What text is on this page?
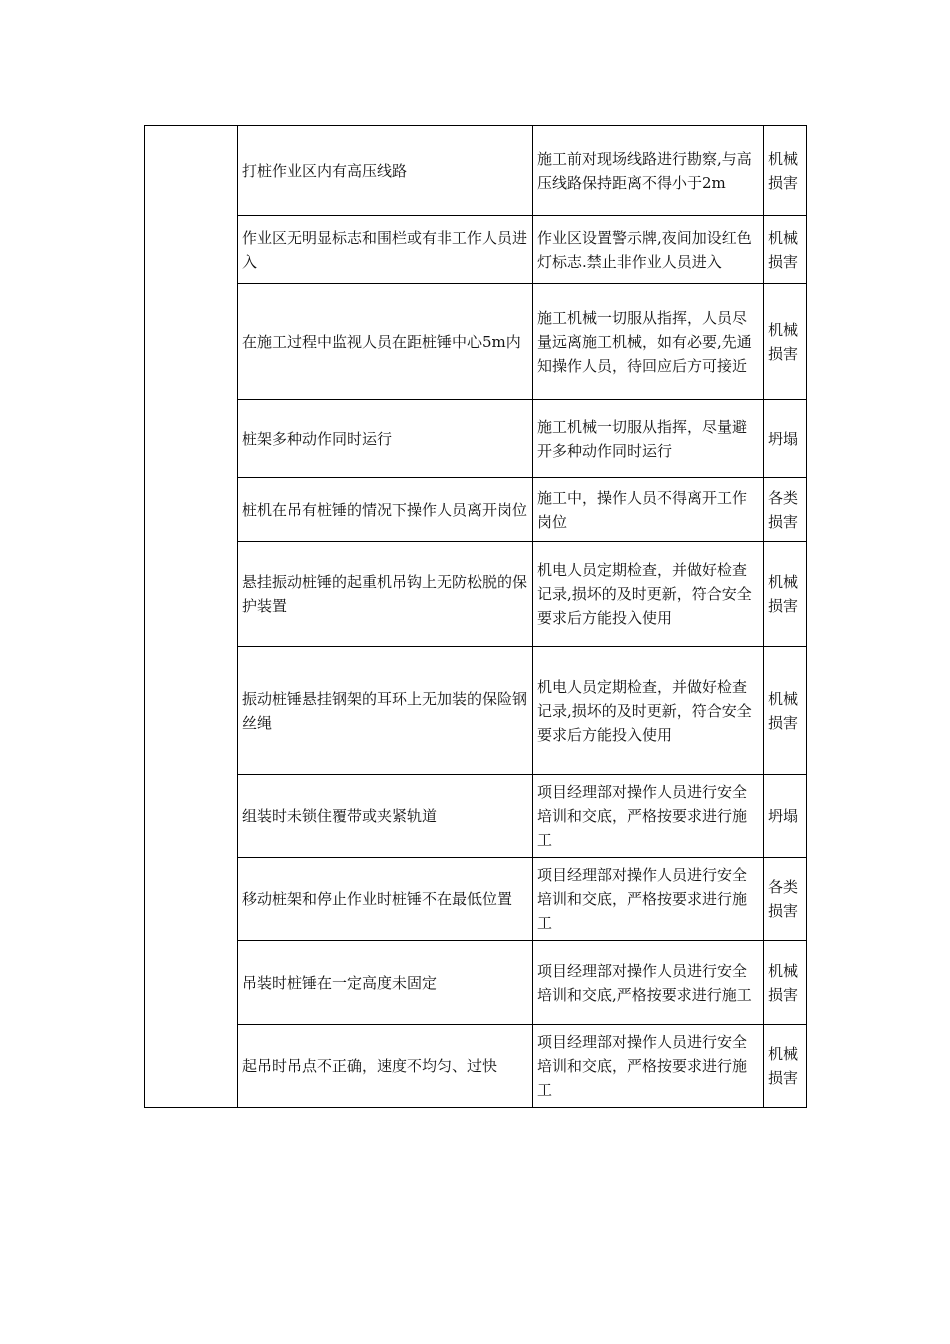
	打桩作业区内有高压线路	施工前对现场线路进行勘察,与高压线路保持距离不得小于2m	机械损害
	作业区无明显标志和围栏或有非工作人员进入	作业区设置警示牌,夜间加设红色灯标志.禁止非作业人员进入	机械损害
	在施工过程中监视人员在距桩锤中心5m内	施工机械一切服从指挥，人员尽量远离施工机械，如有必要,先通知操作人员，待回应后方可接近	机械损害
	桩架多种动作同时运行	施工机械一切服从指挥，尽量避开多种动作同时运行	坍塌
	桩机在吊有桩锤的情况下操作人员离开岗位	施工中，操作人员不得离开工作岗位	各类损害
	悬挂振动桩锤的起重机吊钩上无防松脱的保护装置	机电人员定期检查，并做好检查记录,损坏的及时更新，符合安全要求后方能投入使用	机械损害
	振动桩锤悬挂钢架的耳环上无加装的保险钢丝绳	机电人员定期检查，并做好检查记录,损坏的及时更新，符合安全要求后方能投入使用	机械损害
	组装时未锁住覆带或夹紧轨道	项目经理部对操作人员进行安全培训和交底，严格按要求进行施工	坍塌
	移动桩架和停止作业时桩锤不在最低位置	项目经理部对操作人员进行安全培训和交底，严格按要求进行施工	各类损害
	吊装时桩锤在一定高度未固定	项目经理部对操作人员进行安全培训和交底,严格按要求进行施工	机械损害
	起吊时吊点不正确，速度不均匀、过快	项目经理部对操作人员进行安全培训和交底，严格按要求进行施工	机械损害
